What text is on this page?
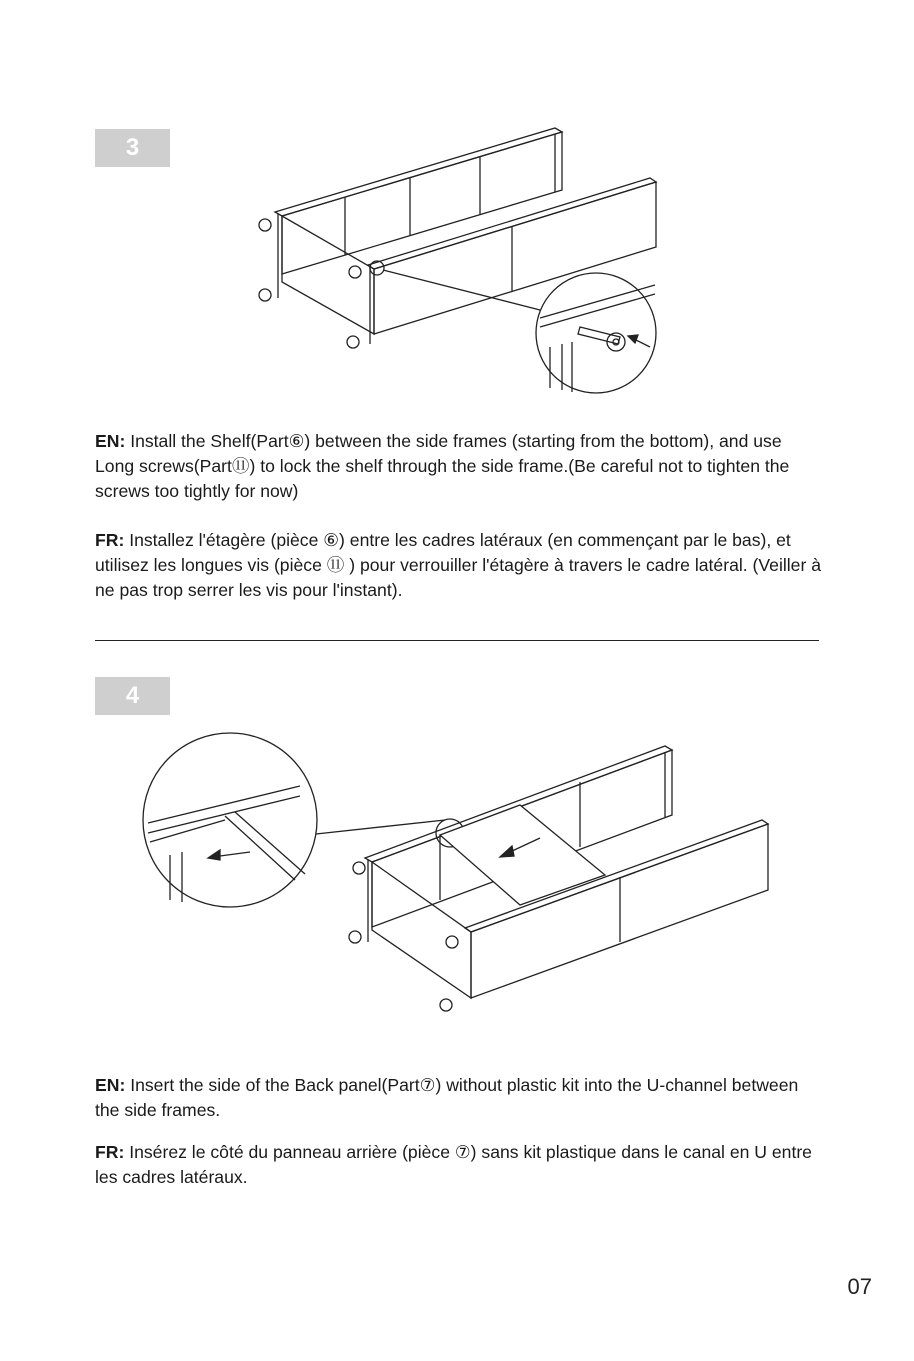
3

EN: Install the Shelf(Part⑥) between the side frames (starting from the bottom), and use Long screws(Part⑪) to lock the shelf through the side frame.(Be careful not to tighten the screws too tightly for now)

FR: Installez l'étagère (pièce ⑥) entre les cadres latéraux (en commençant par le bas), et utilisez les longues vis (pièce ⑪ ) pour verrouiller l'étagère à travers le cadre latéral. (Veiller à ne pas trop serrer les vis pour l'instant).

4

EN: Insert the side of the Back panel(Part⑦) without plastic kit into the U-channel between the side frames.

FR: Insérez le côté du panneau arrière (pièce ⑦) sans kit plastique dans le canal en U entre les cadres latéraux.

07
